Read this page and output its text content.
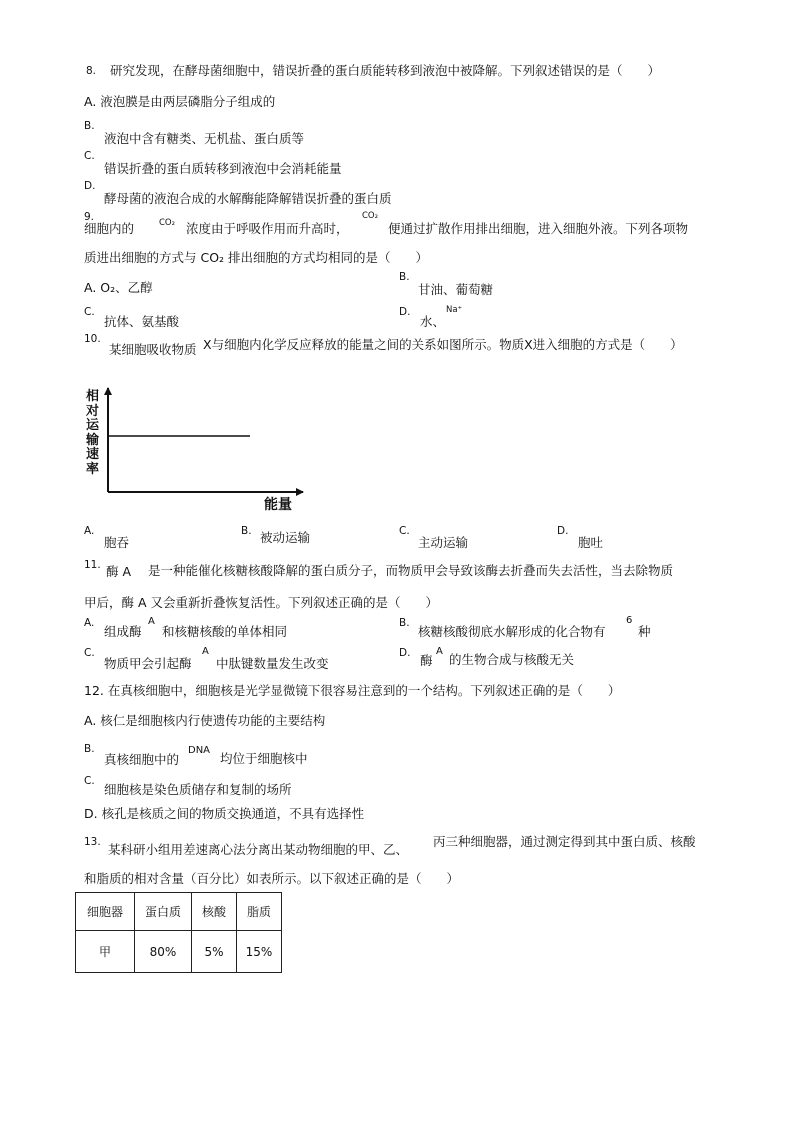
8. 研究发现，在酵母菌细胞中，错误折叠的蛋白质能转移到液泡中被降解。下列叙述错误的是（　　）
A. 液泡膜是由两层磷脂分子组成的
B.
液泡中含有糖类、无机盐、蛋白质等
C.
错误折叠的蛋白质转移到液泡中会消耗能量
D.
酵母菌的液泡合成的水解酶能降解错误折叠的蛋白质
9.
细胞内的	CO₂ 浓度由于呼吸作用而升高时，
CO₂
便通过扩散作用排出细胞，进入细胞外液。下列各项物
质进出细胞的方式与 CO₂ 排出细胞的方式均相同的是（　　）
A. O₂、乙醇
B.
甘油、葡萄糖
C.
抗体、氨基酸
D.
水、
Na⁺
10.
某细胞吸收物质 X与细胞内化学反应释放的能量之间的关系如图所示。物质X进入细胞的方式是（　　）
相对运输速率
能量
A.
胞吞
B. 被动运输	C.
主动运输
D.
胞吐
11. 酶 A 是一种能催化核糖核酸降解的蛋白质分子，而物质甲会导致该酶去折叠而失去活性，当去除物质
甲后，酶 A 又会重新折叠恢复活性。下列叙述正确的是（　　）
A.
组成酶
A
和核糖核酸的单体相同
B.
核糖核酸彻底水解形成的化合物有
6
种
C.
物质甲会引起酶
A
中肽键数量发生改变
D. 酶
A
的生物合成与核酸无关
12. 在真核细胞中，细胞核是光学显微镜下很容易注意到的一个结构。下列叙述正确的是（　　）
A. 核仁是细胞核内行使遗传功能的主要结构
B.
真核细胞中的
DNA
均位于细胞核中
C.
细胞核是染色质储存和复制的场所
D. 核孔是核质之间的物质交换通道，不具有选择性
13. 某科研小组用差速离心法分离出某动物细胞的甲、乙、
丙三种细胞器，通过测定得到其中蛋白质、核酸
和脂质的相对含量（百分比）如表所示。以下叙述正确的是（　　）
细胞器	蛋白质	核酸	脂质
甲	80%	5%	15%
